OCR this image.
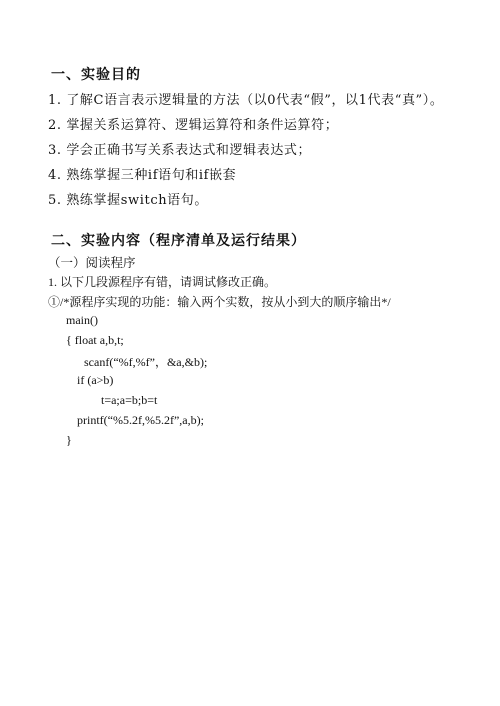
一、实验目的
1. 了解C语言表示逻辑量的方法（以0代表“假”，以1代表“真”）。
2. 掌握关系运算符、逻辑运算符和条件运算符；
3. 学会正确书写关系表达式和逻辑表达式；
4. 熟练掌握三种if语句和if嵌套
5. 熟练掌握switch语句。
二、实验内容（程序清单及运行结果）
（一）阅读程序
1. 以下几段源程序有错，请调试修改正确。
①/*源程序实现的功能：输入两个实数，按从小到大的顺序输出*/
main()
{ float a,b,t;
scanf(“%f,%f”，&a,&b);
if (a>b)
t=a;a=b;b=t
printf(“%5.2f,%5.2f”,a,b);
}
